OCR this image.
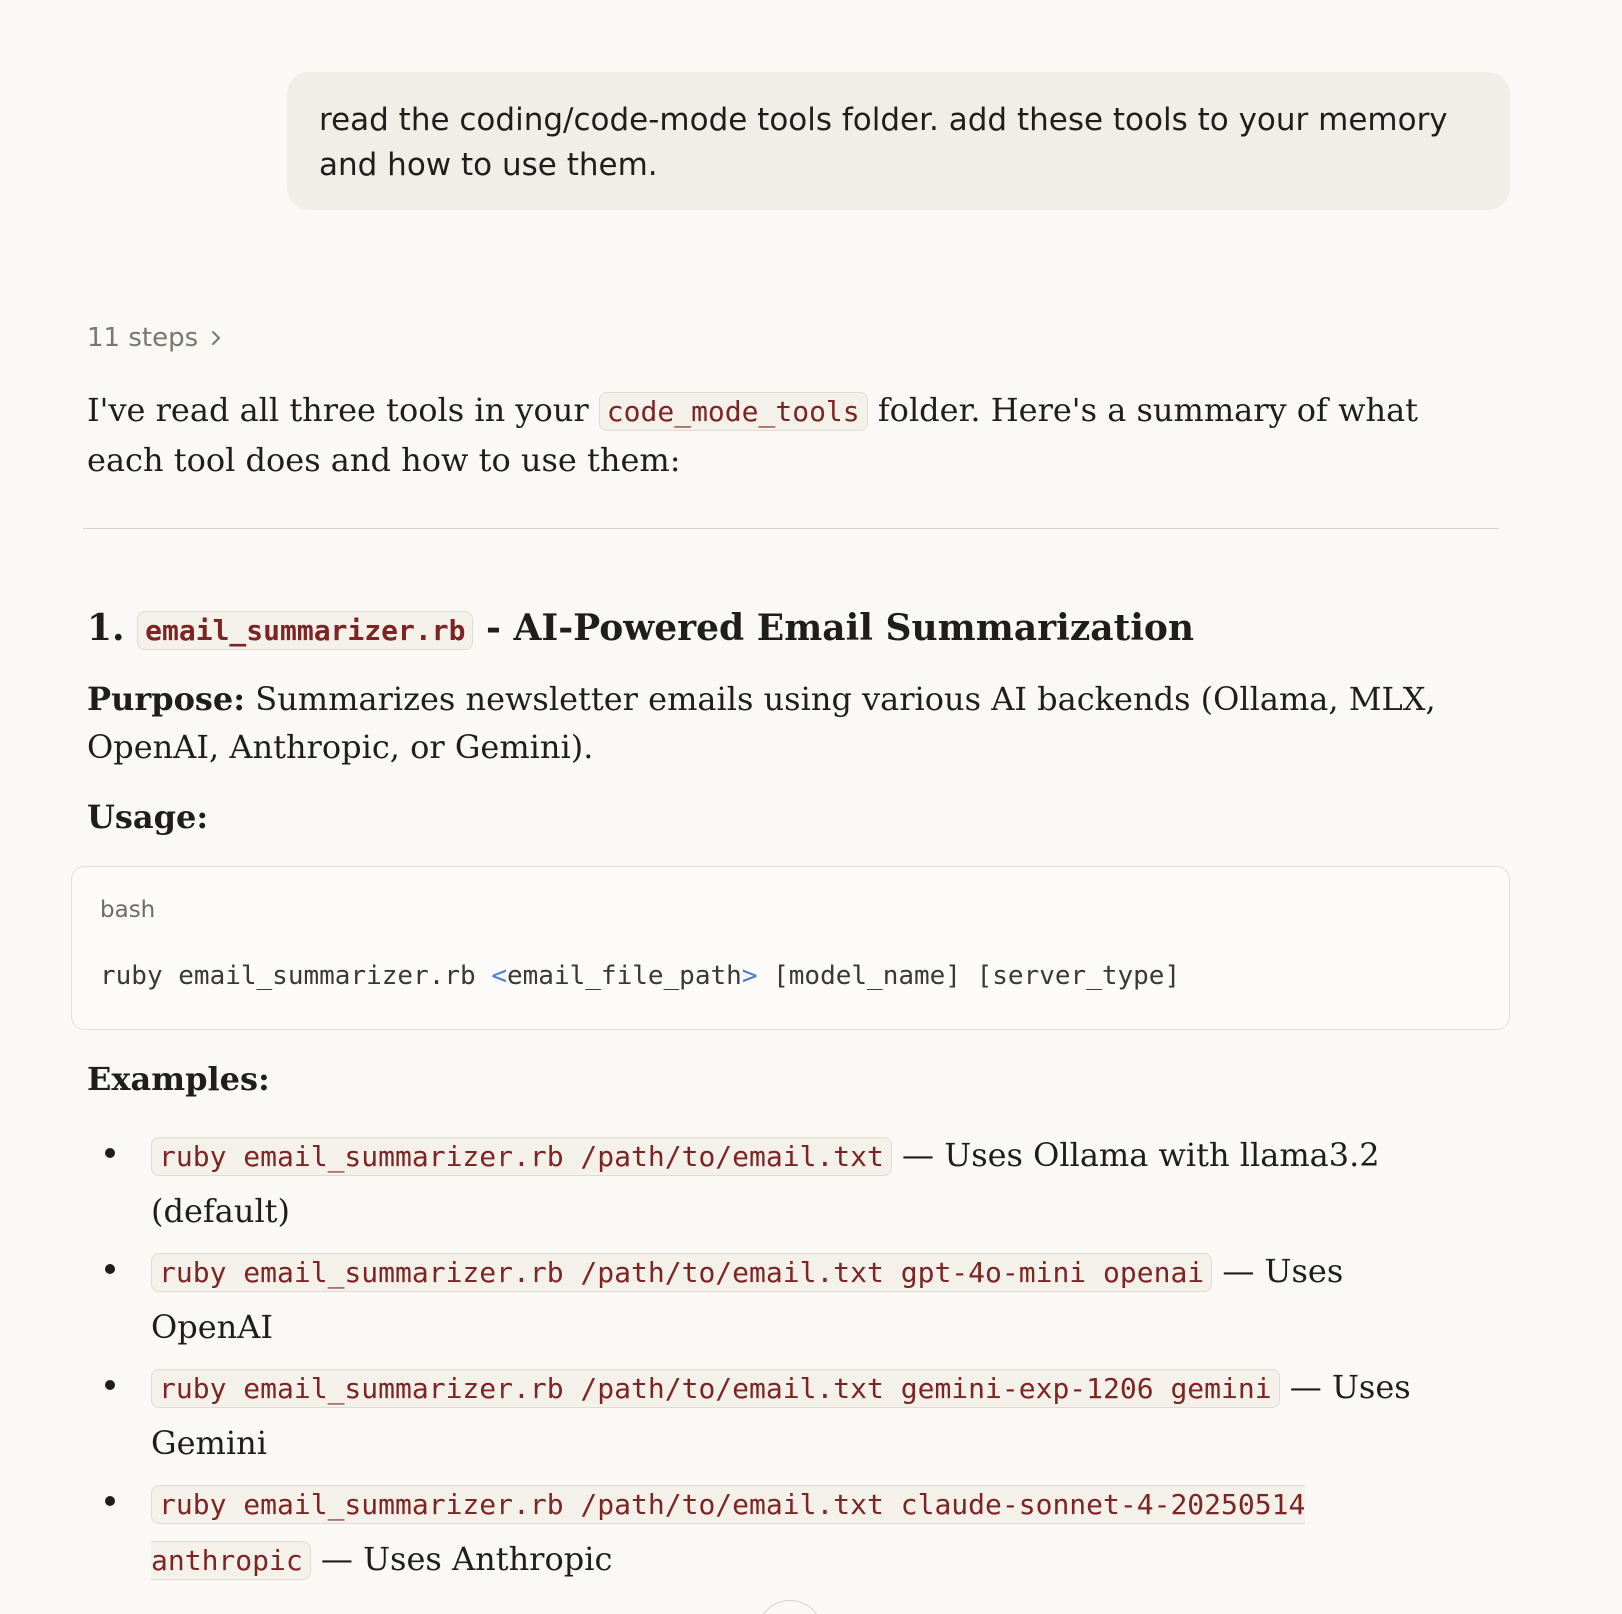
read the coding/code-mode tools folder. add these tools to your memory and how to use them.
11 steps
I've read all three tools in your code_mode_tools folder. Here's a summary of what each tool does and how to use them:
1. email_summarizer.rb - AI-Powered Email Summarization
Purpose: Summarizes newsletter emails using various AI backends (Ollama, MLX, OpenAI, Anthropic, or Gemini).
Usage:
bash
ruby email_summarizer.rb <email_file_path> [model_name] [server_type]
Examples:
ruby email_summarizer.rb /path/to/email.txt — Uses Ollama with llama3.2 (default)
ruby email_summarizer.rb /path/to/email.txt gpt-4o-mini openai — Uses OpenAI
ruby email_summarizer.rb /path/to/email.txt gemini-exp-1206 gemini — Uses Gemini
ruby email_summarizer.rb /path/to/email.txt claude-sonnet-4-20250514 anthropic — Uses Anthropic
